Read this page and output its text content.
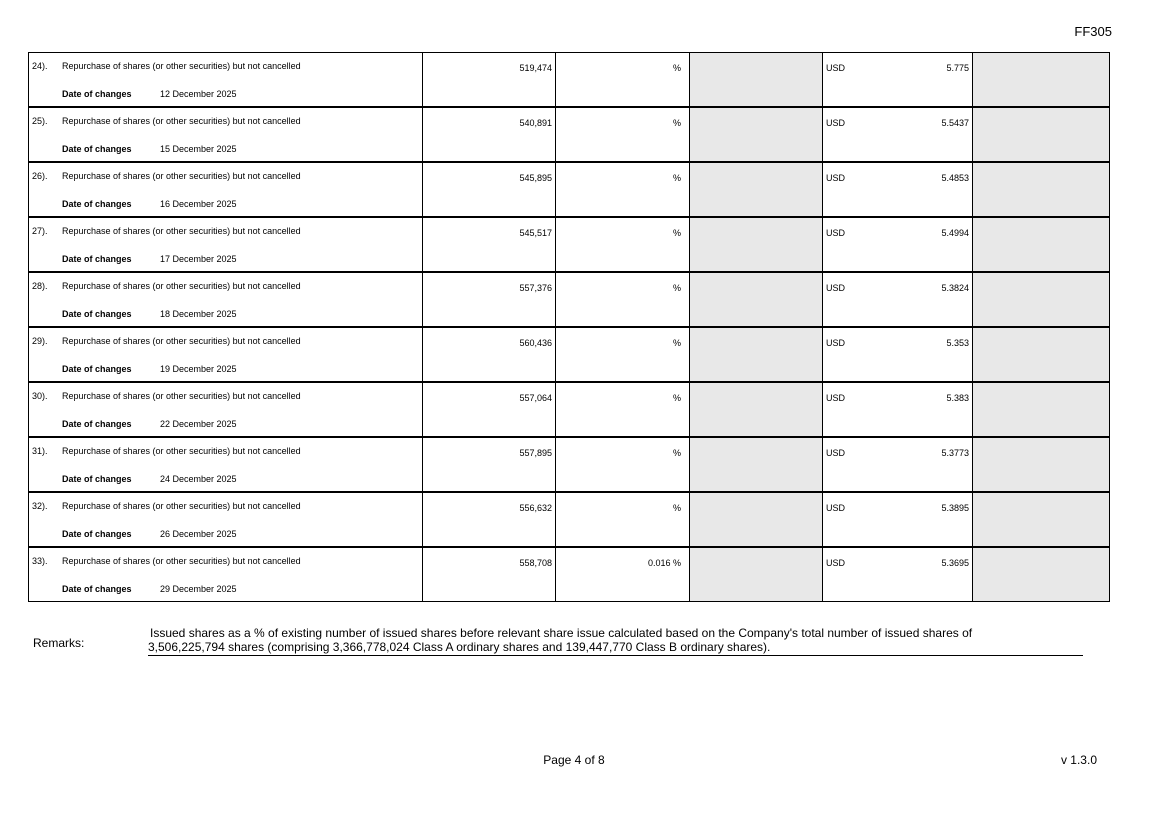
FF305
24). Repurchase of shares (or other securities) but not cancelled
Date of changes 12 December 2025	519,474	%		USD 5.775	

25). Repurchase of shares (or other securities) but not cancelled
Date of changes 15 December 2025	540,891	%		USD 5.5437	

26). Repurchase of shares (or other securities) but not cancelled
Date of changes 16 December 2025	545,895	%		USD 5.4853	

27). Repurchase of shares (or other securities) but not cancelled
Date of changes 17 December 2025	545,517	%		USD 5.4994	

28). Repurchase of shares (or other securities) but not cancelled
Date of changes 18 December 2025	557,376	%		USD 5.3824	

29). Repurchase of shares (or other securities) but not cancelled
Date of changes 19 December 2025	560,436	%		USD 5.353	

30). Repurchase of shares (or other securities) but not cancelled
Date of changes 22 December 2025	557,064	%		USD 5.383	

31). Repurchase of shares (or other securities) but not cancelled
Date of changes 24 December 2025	557,895	%		USD 5.3773	

32). Repurchase of shares (or other securities) but not cancelled
Date of changes 26 December 2025	556,632	%		USD 5.3895	

33). Repurchase of shares (or other securities) but not cancelled
Date of changes 29 December 2025	558,708	0.016 %		USD 5.3695	

Remarks:
Issued shares as a % of existing number of issued shares before relevant share issue calculated based on the Company's total number of issued shares of
3,506,225,794 shares (comprising 3,366,778,024 Class A ordinary shares and 139,447,770 Class B ordinary shares).
Page 4 of 8	v 1.3.0
